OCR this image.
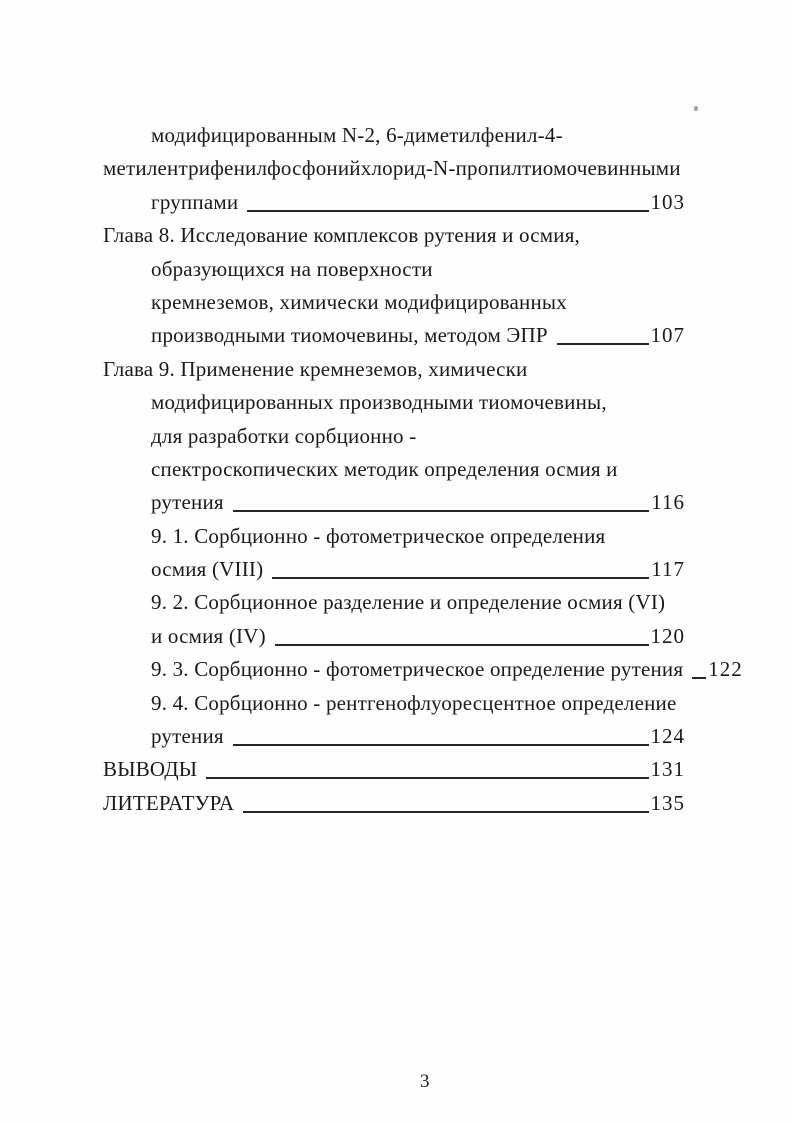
модифицированным N-2, 6-диметилфенил-4-
метилентрифенилфосфонийхлорид-N-пропилтиомочевинными
группами	103
Глава 8. Исследование комплексов рутения и осмия,
образующихся на поверхности
кремнеземов, химически модифицированных
производными тиомочевины, методом ЭПР	107
Глава 9. Применение кремнеземов, химически
модифицированных производными тиомочевины,
для разработки сорбционно -
спектроскопических методик определения осмия и
рутения	116
9. 1. Сорбционно - фотометрическое определения
осмия (VIII)	117
9. 2. Сорбционное разделение и определение осмия (VI)
и осмия (IV)	120
9. 3. Сорбционно - фотометрическое определение рутения 122
9. 4. Сорбционно - рентгенофлуоресцентное определение
рутения	124
ВЫВОДЫ	131
ЛИТЕРАТУРА	135
3
